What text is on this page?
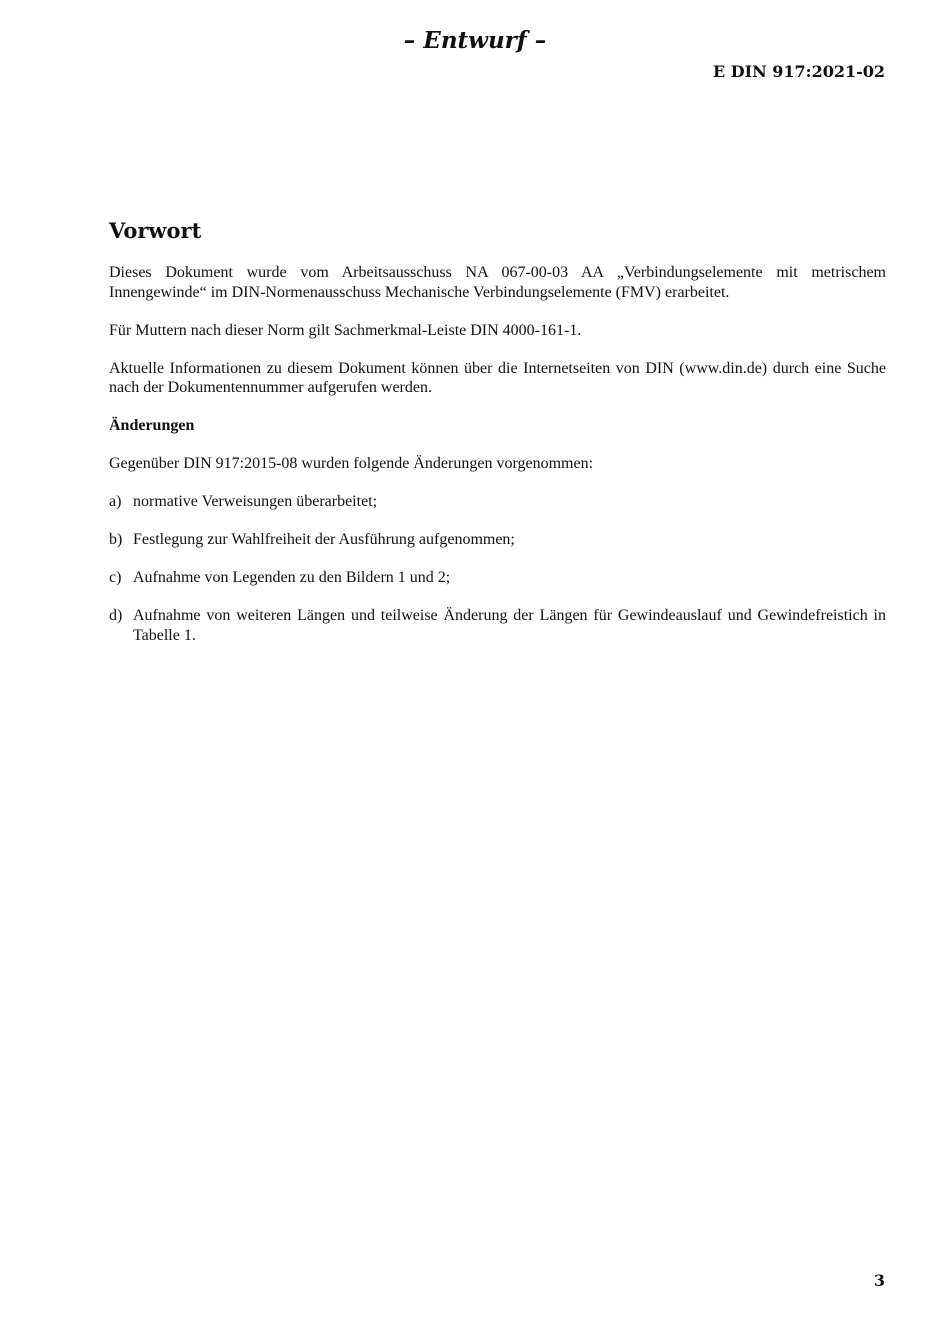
– Entwurf –
E DIN 917:2021-02
Vorwort

Dieses Dokument wurde vom Arbeitsausschuss NA 067-00-03 AA „Verbindungselemente mit metrischem Innengewinde“ im DIN-Normenausschuss Mechanische Verbindungselemente (FMV) erarbeitet.

Für Muttern nach dieser Norm gilt Sachmerkmal-Leiste DIN 4000-161-1.

Aktuelle Informationen zu diesem Dokument können über die Internetseiten von DIN (www.din.de) durch eine Suche nach der Dokumentennummer aufgerufen werden.

Änderungen

Gegenüber DIN 917:2015-08 wurden folgende Änderungen vorgenommen:

a) normative Verweisungen überarbeitet;
b) Festlegung zur Wahlfreiheit der Ausführung aufgenommen;
c) Aufnahme von Legenden zu den Bildern 1 und 2;
d) Aufnahme von weiteren Längen und teilweise Änderung der Längen für Gewindeauslauf und Gewindefreistich in Tabelle 1.
3
